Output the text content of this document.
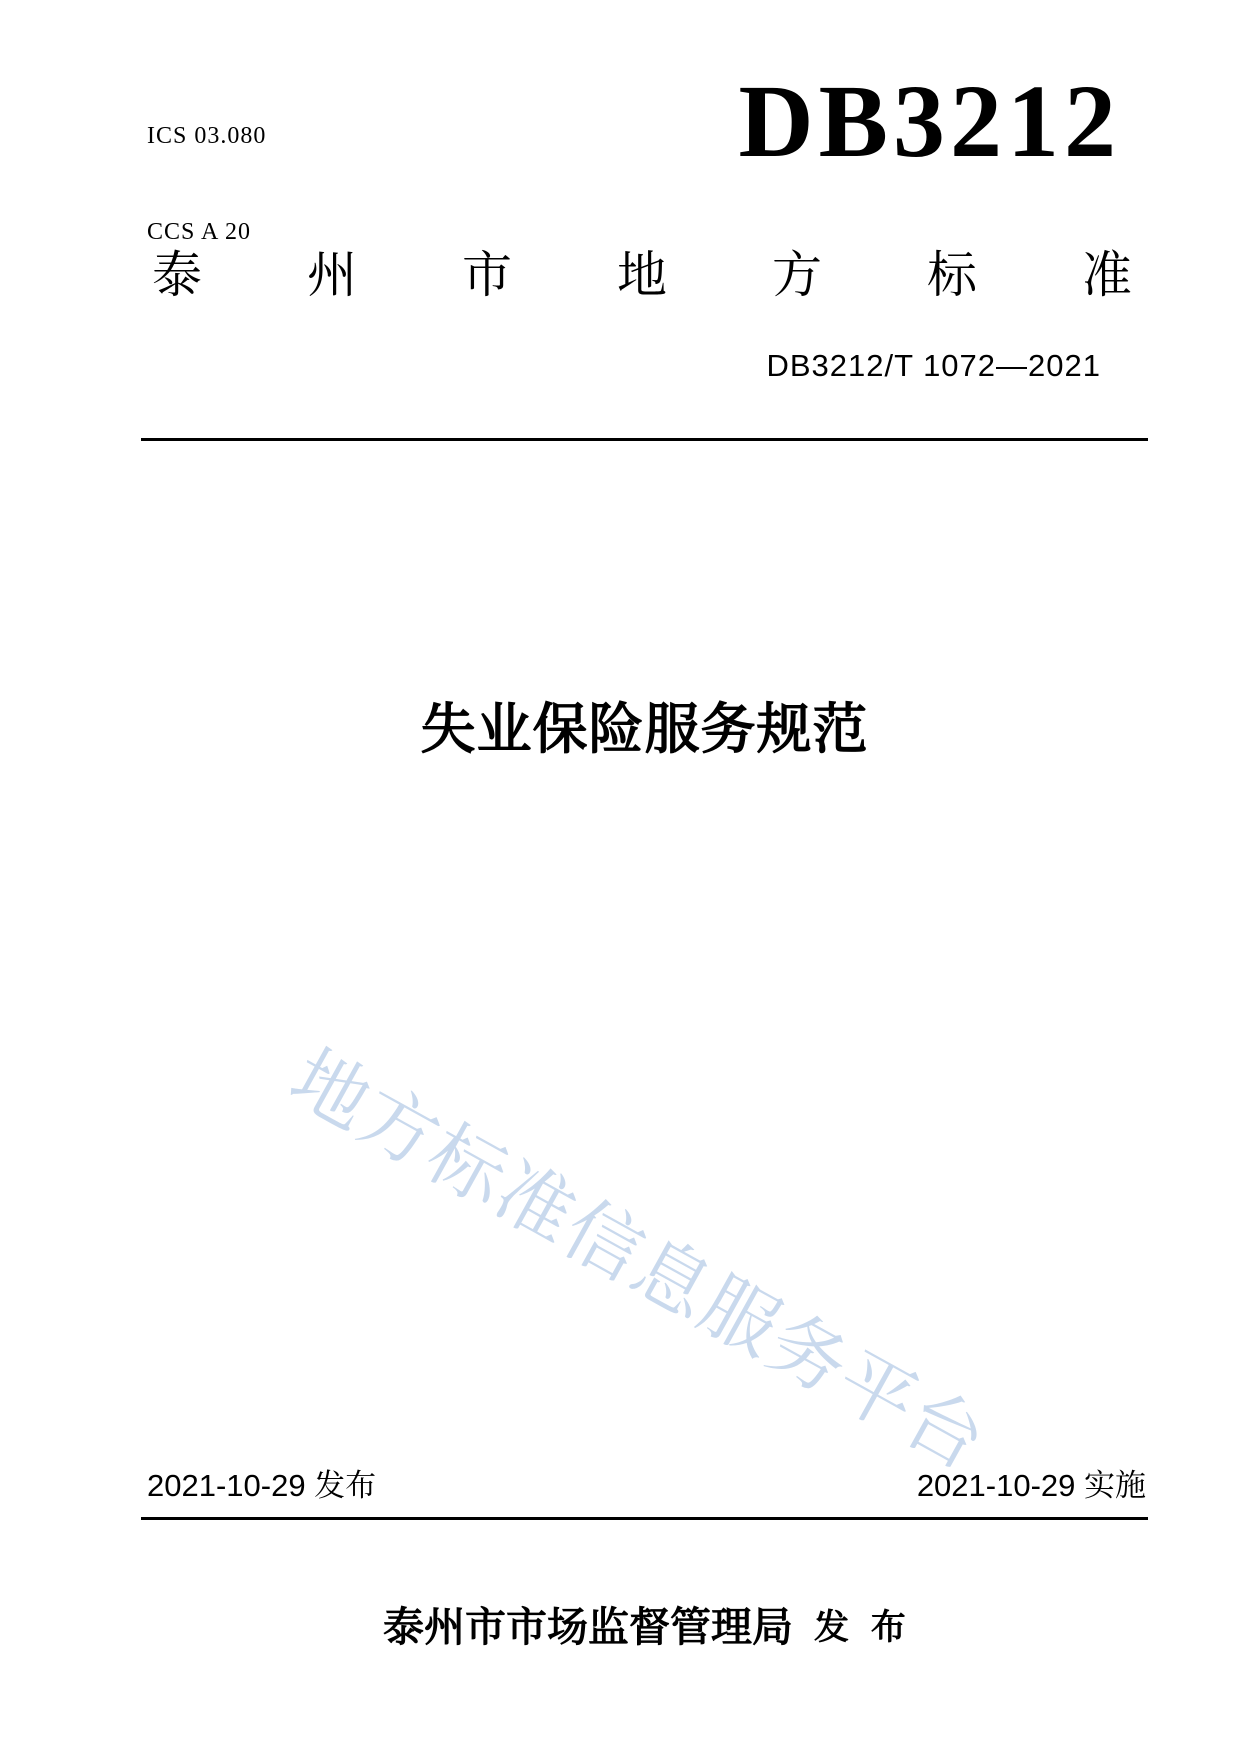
ICS 03.080

CCS A 20

DB3212
泰州市地方标准
DB3212/T 1072—2021
失业保险服务规范
地方标准信息服务平台
2021-10-29 发布	2021-10-29 实施
泰州市市场监督管理局 发 布
